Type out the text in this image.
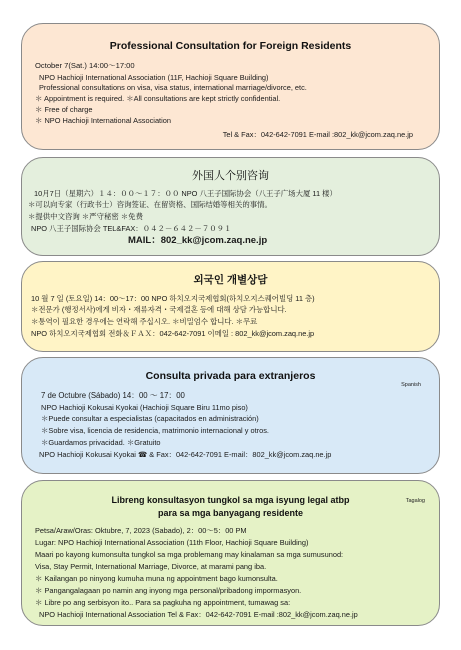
Professional Consultation for Foreign Residents
October 7(Sat.) 14:00～17:00
NPO Hachioji International Association (11F, Hachioji Square Building)
Professional consultations on visa, visa status, international marriage/divorce, etc.
＊ Appointment is required. ＊All consultations are kept strictly confidential.
＊ Free of charge
＊ NPO Hachioji International Association
Tel & Fax：042-642-7091 E-mail :802_kk@jcom.zaq.ne.jp
外国人个别咨询
10月7日（星期六）１４：００～１７：００ NPO 八王子国际协会（八王子广场大厦 11 楼）
＊可以向专家（行政书士）咨询签证、在留资格、国际结婚等相关的事情。
＊提供中文咨询 ＊严守秘密 ＊免费
NPO 八王子国际协会 TEL&FAX：０４２－６４２－７０９１
MAIL：802_kk@jcom.zaq.ne.jp
외국인 개별상담
10 월 7 일 (토요일) 14：00～17：00 NPO 하치오지국제협회(하치오지스퀘어빌딩 11 층)
＊전문가 (행정서사)에게 비자・재류자격・국제결혼 등에 대해 상담 가능합니다.
＊통역이 필요한 경우에는 연락해 주십시오. ＊비밀엄수 합니다. ＊무료
NPO 하치오지국제협회 전화＆ＦＡＸ：042-642-7091 이메일 : 802_kk@jcom.zaq.ne.jp
Consulta privada para extranjeros
Spanish
7 de Octubre (Sábado) 14：00 ～ 17：00
NPO Hachioji Kokusai Kyokai (Hachioji Square Biru 11mo piso)
＊Puede consultar a especialistas (capacitados en administración)
＊Sobre visa, licencia de residencia, matrimonio internacional y otros.
＊Guardamos privacidad. ＊Gratuito
NPO Hachioji Kokusai Kyokai ☎ & Fax：042-642-7091 E-mail：802_kk@jcom.zaq.ne.jp
Libreng konsultasyon tungkol sa mga isyung legal atbp
para sa mga banyagang residente
Tagalog
Petsa/Araw/Oras: Oktubre, 7, 2023 (Sabado), 2：00～5：00 PM
Lugar: NPO Hachioji International Association (11th Floor, Hachioji Square Building)
Maari po kayong kumonsulta tungkol sa mga problemang may kinalaman sa mga sumusunod:
Visa, Stay Permit, International Marriage, Divorce, at marami pang iba.
＊ Kailangan po ninyong kumuha muna ng appointment bago kumonsulta.
＊ Pangangalagaan po namin ang inyong mga personal/pribadong impormasyon.
＊ Libre po ang serbisyon ito.. Para sa pagkuha ng appointment, tumawag sa:
NPO Hachioji International Association Tel & Fax：042-642-7091 E-mail :802_kk@jcom.zaq.ne.jp
